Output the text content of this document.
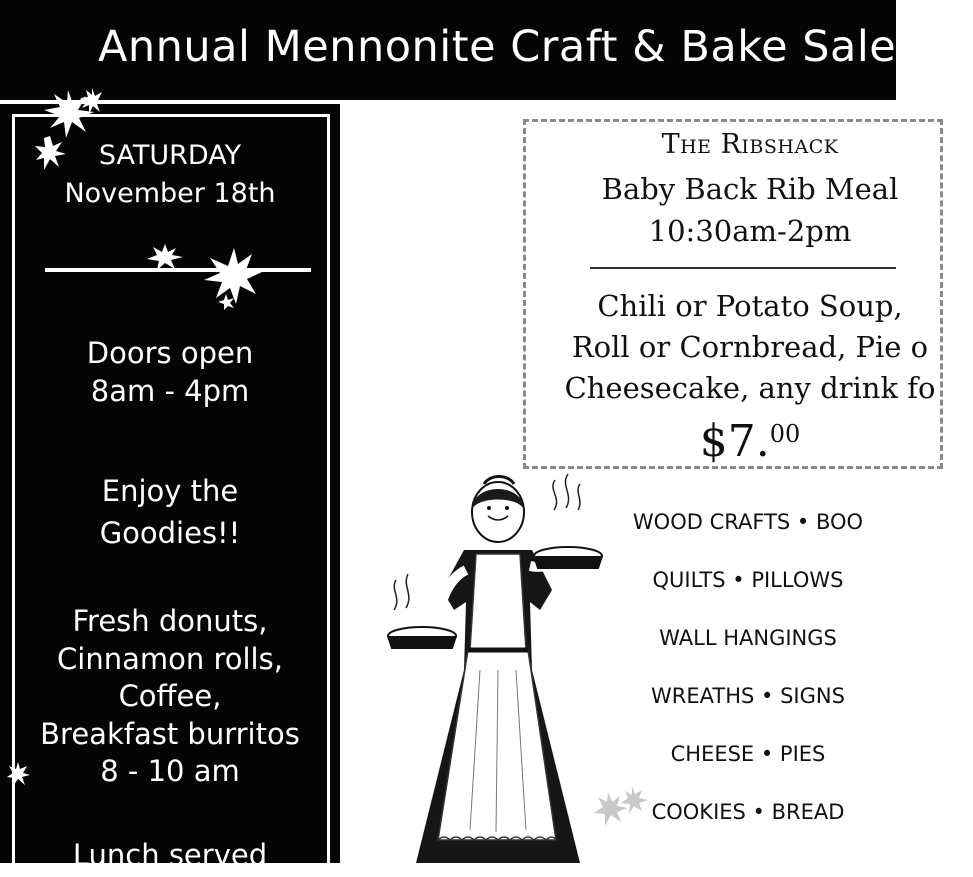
Annual Mennonite Craft & Bake Sale
SATURDAY
November 18th
Doors open
8am - 4pm
Enjoy the
Goodies!!
Fresh donuts,
Cinnamon rolls,
Coffee,
Breakfast burritos
8 - 10 am
Lunch served
The Ribshack
Baby Back Rib Meal
10:30am-2pm
Chili or Potato Soup,
Roll or Cornbread, Pie o
Cheesecake, any drink fo
$7.00
WOOD CRAFTS • BOO
QUILTS • PILLOWS
WALL HANGINGS
WREATHS • SIGNS
CHEESE • PIES
COOKIES • BREAD
